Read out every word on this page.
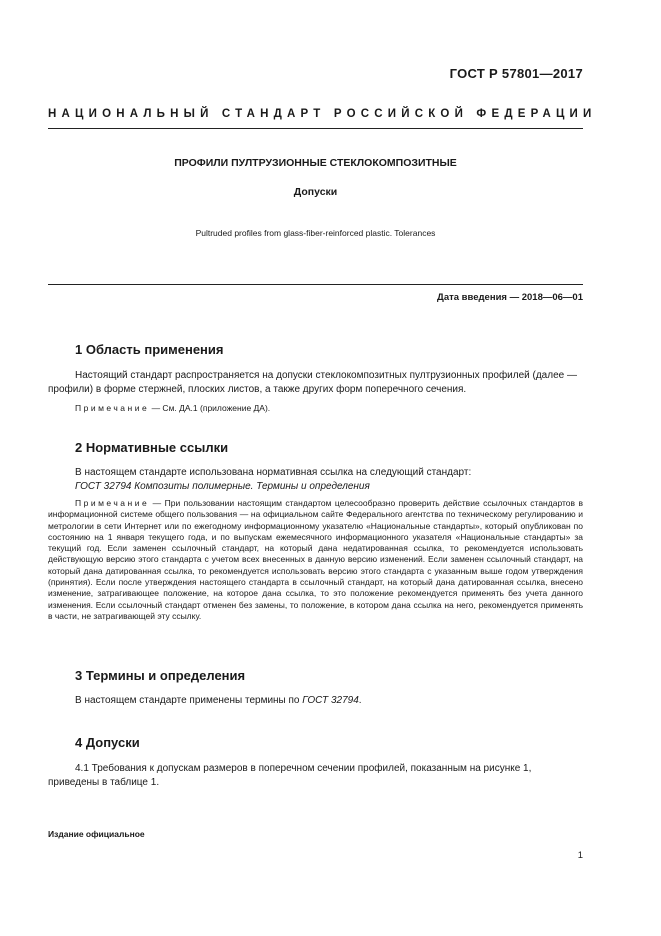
ГОСТ Р 57801—2017
НАЦИОНАЛЬНЫЙ СТАНДАРТ РОССИЙСКОЙ ФЕДЕРАЦИИ
ПРОФИЛИ ПУЛТРУЗИОННЫЕ СТЕКЛОКОМПОЗИТНЫЕ
Допуски
Pultruded profiles from glass-fiber-reinforced plastic. Tolerances
Дата введения — 2018—06—01
1 Область применения

Настоящий стандарт распространяется на допуски стеклокомпозитных пултрузионных профилей (далее — профили) в форме стержней, плоских листов, а также других форм поперечного сечения.

Примечание — См. ДА.1 (приложение ДА).

2 Нормативные ссылки

В настоящем стандарте использована нормативная ссылка на следующий стандарт:

ГОСТ 32794 Композиты полимерные. Термины и определения

Примечание — При пользовании настоящим стандартом целесообразно проверить действие ссылочных стандартов в информационной системе общего пользования — на официальном сайте Федерального агентства по техническому регулированию и метрологии в сети Интернет или по ежегодному информационному указателю «Национальные стандарты», который опубликован по состоянию на 1 января текущего года, и по выпускам ежемесячного информационного указателя «Национальные стандарты» за текущий год. Если заменен ссылочный стандарт, на который дана недатированная ссылка, то рекомендуется использовать действующую версию этого стандарта с учетом всех внесенных в данную версию изменений. Если заменен ссылочный стандарт, на который дана датированная ссылка, то рекомендуется использовать версию этого стандарта с указанным выше годом утверждения (принятия). Если после утверждения настоящего стандарта в ссылочный стандарт, на который дана датированная ссылка, внесено изменение, затрагивающее положение, на которое дана ссылка, то это положение рекомендуется применять без учета данного изменения. Если ссылочный стандарт отменен без замены, то положение, в котором дана ссылка на него, рекомендуется применять в части, не затрагивающей эту ссылку.

3 Термины и определения

В настоящем стандарте применены термины по ГОСТ 32794.

4 Допуски

4.1 Требования к допускам размеров в поперечном сечении профилей, показанным на рисунке 1, приведены в таблице 1.

Издание официальное
1
